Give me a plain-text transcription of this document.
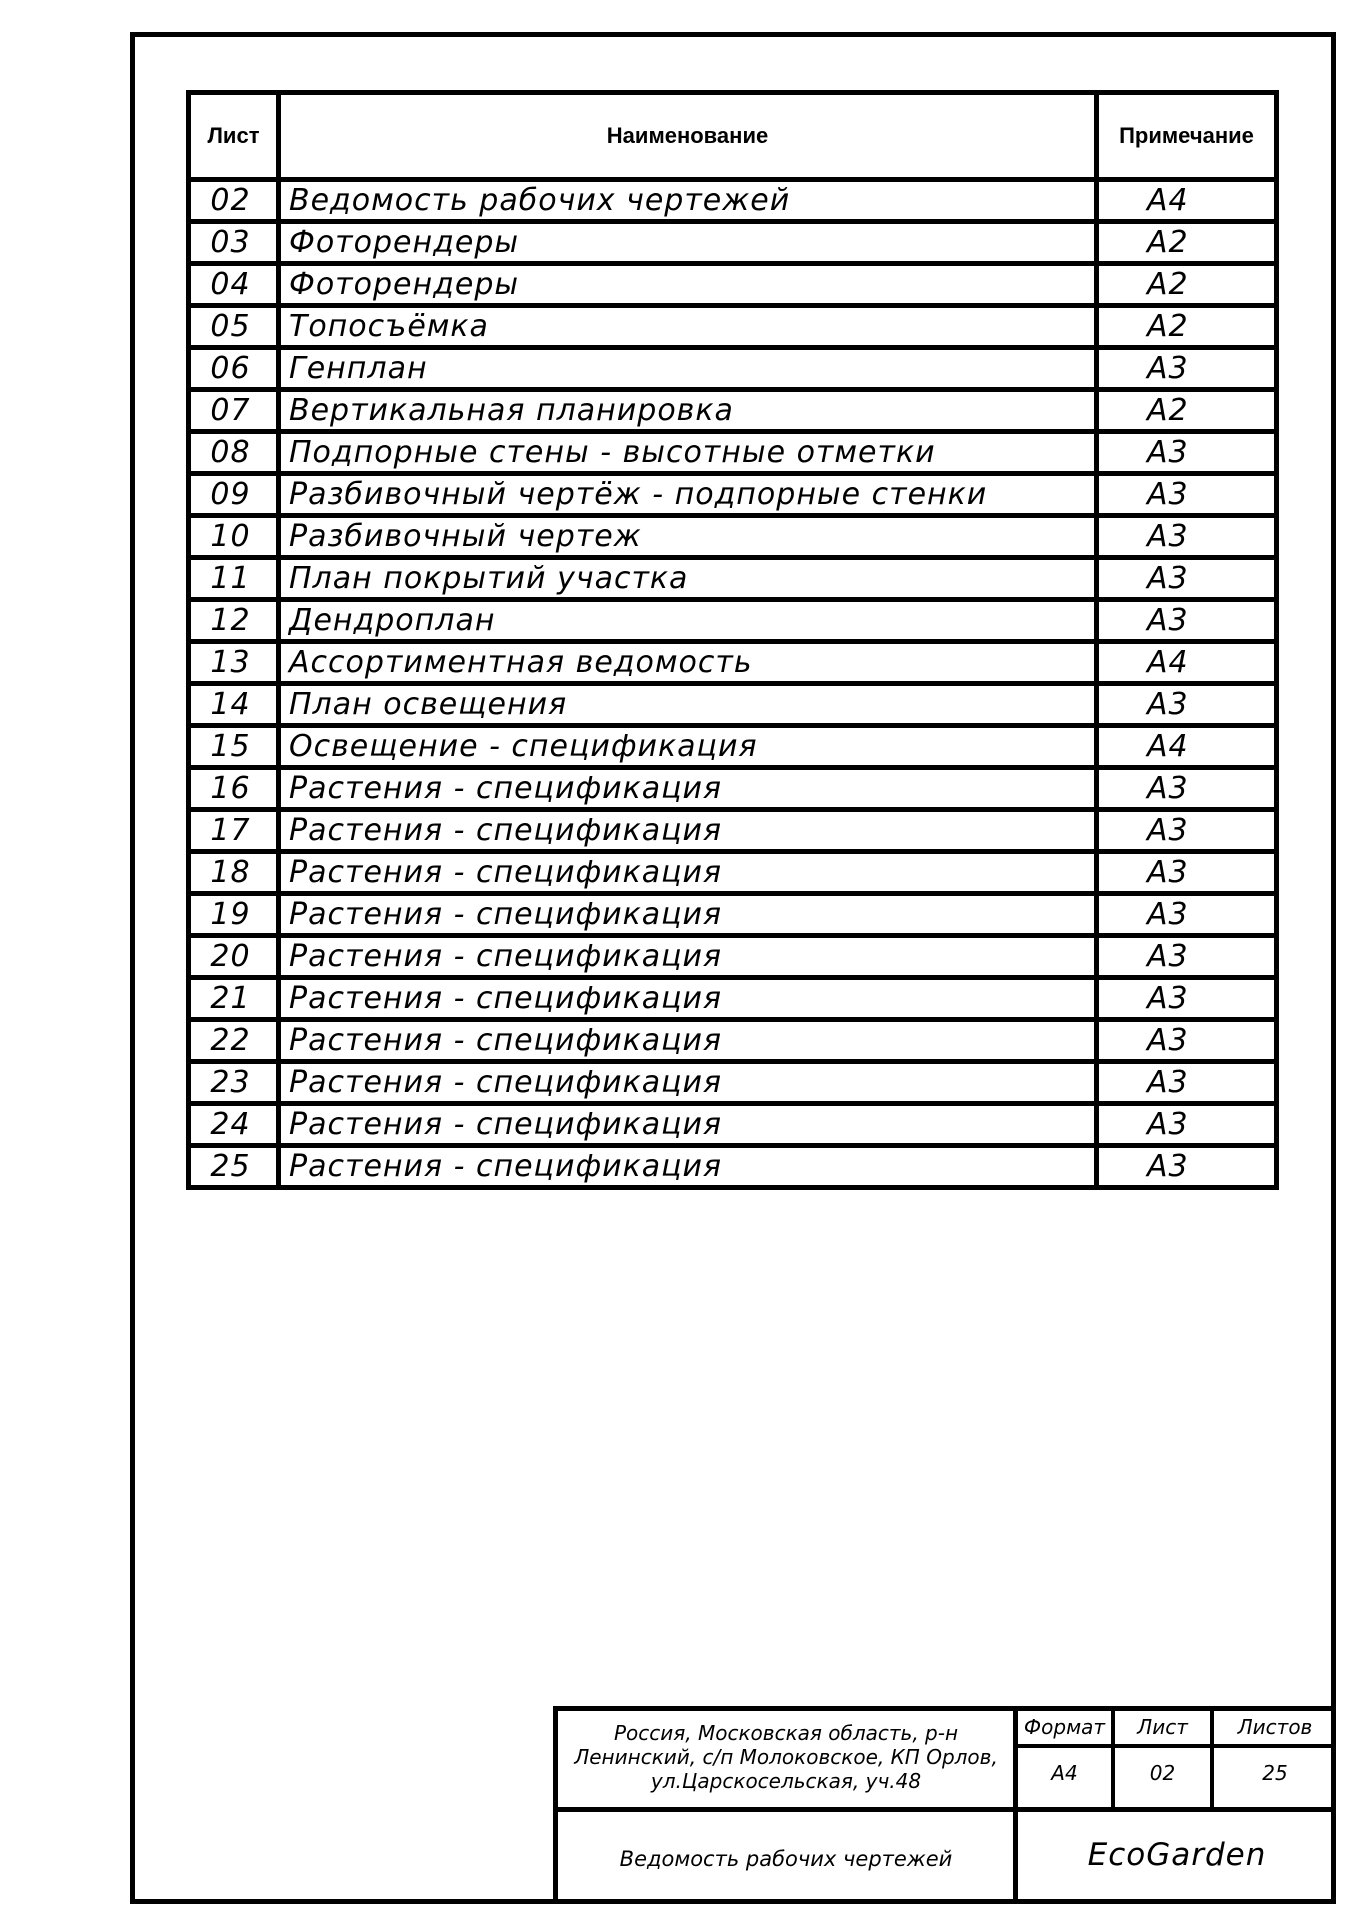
Лист	Наименование	Примечание
02	Ведомость рабочих чертежей	А4
03	Фоторендеры	А2
04	Фоторендеры	А2
05	Топосъёмка	А2
06	Генплан	А3
07	Вертикальная планировка	А2
08	Подпорные стены - высотные отметки	А3
09	Разбивочный чертёж - подпорные стенки	А3
10	Разбивочный чертеж	А3
11	План покрытий участка	А3
12	Дендроплан	А3
13	Ассортиментная ведомость	А4
14	План освещения	А3
15	Освещение - спецификация	А4
16	Растения - спецификация	А3
17	Растения - спецификация	А3
18	Растения - спецификация	А3
19	Растения - спецификация	А3
20	Растения - спецификация	А3
21	Растения - спецификация	А3
22	Растения - спецификация	А3
23	Растения - спецификация	А3
24	Растения - спецификация	А3
25	Растения - спецификация	А3
Россия, Московская область, р-н
Ленинский, с/п Молоковское, КП Орлов,
ул.Царскосельская, уч.48
Формат	Лист	Листов
А4	02	25
Ведомость рабочих чертежей	EcoGarden
